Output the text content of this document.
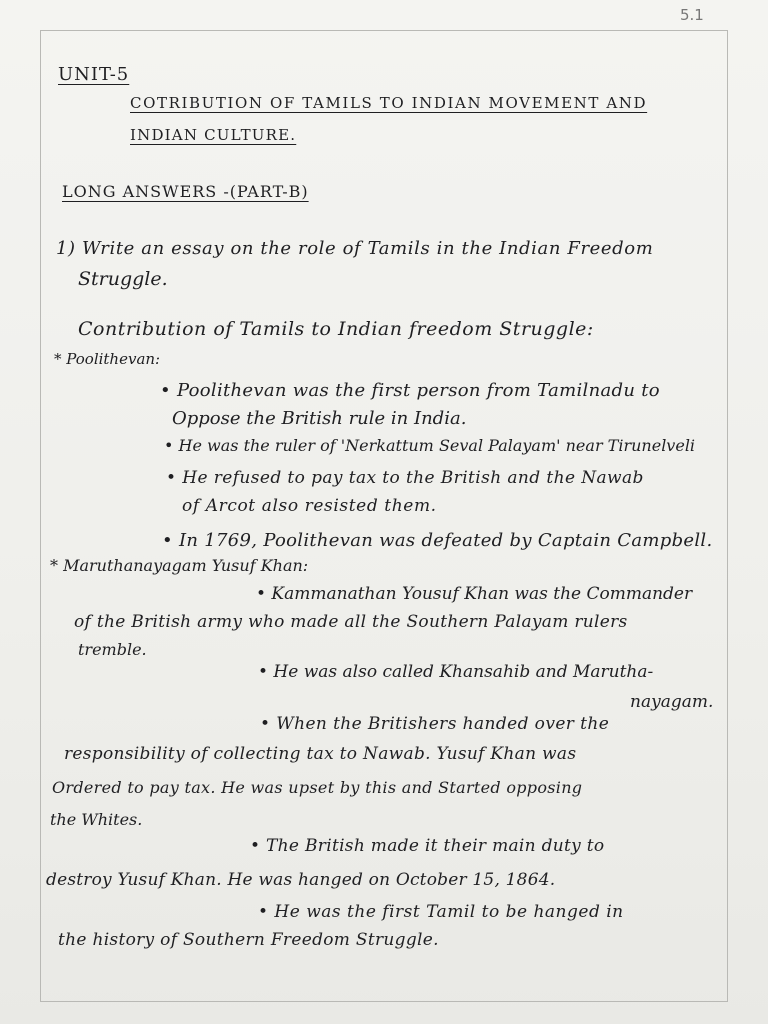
5.1
UNIT-5
COTRIBUTION OF TAMILS TO INDIAN MOVEMENT AND
INDIAN CULTURE.
LONG ANSWERS -(PART-B)
1) Write an essay on the role of Tamils in the Indian Freedom
Struggle.
Contribution of Tamils to Indian freedom Struggle:
* Poolithevan:
• Poolithevan was the first person from Tamilnadu to
Oppose the British rule in India.
• He was the ruler of 'Nerkattum Seval Palayam' near Tirunelveli
• He refused to pay tax to the British and the Nawab
of Arcot also resisted them.
• In 1769, Poolithevan was defeated by Captain Campbell.
* Maruthanayagam Yusuf Khan:
• Kammanathan Yousuf Khan was the Commander
of the British army who made all the Southern Palayam rulers
tremble.
• He was also called Khansahib and Marutha-
nayagam.
• When the Britishers handed over the
responsibility of collecting tax to Nawab. Yusuf Khan was
Ordered to pay tax. He was upset by this and Started opposing
the Whites.
• The British made it their main duty to
destroy Yusuf Khan. He was hanged on October 15, 1864.
• He was the first Tamil to be hanged in
the history of Southern Freedom Struggle.
